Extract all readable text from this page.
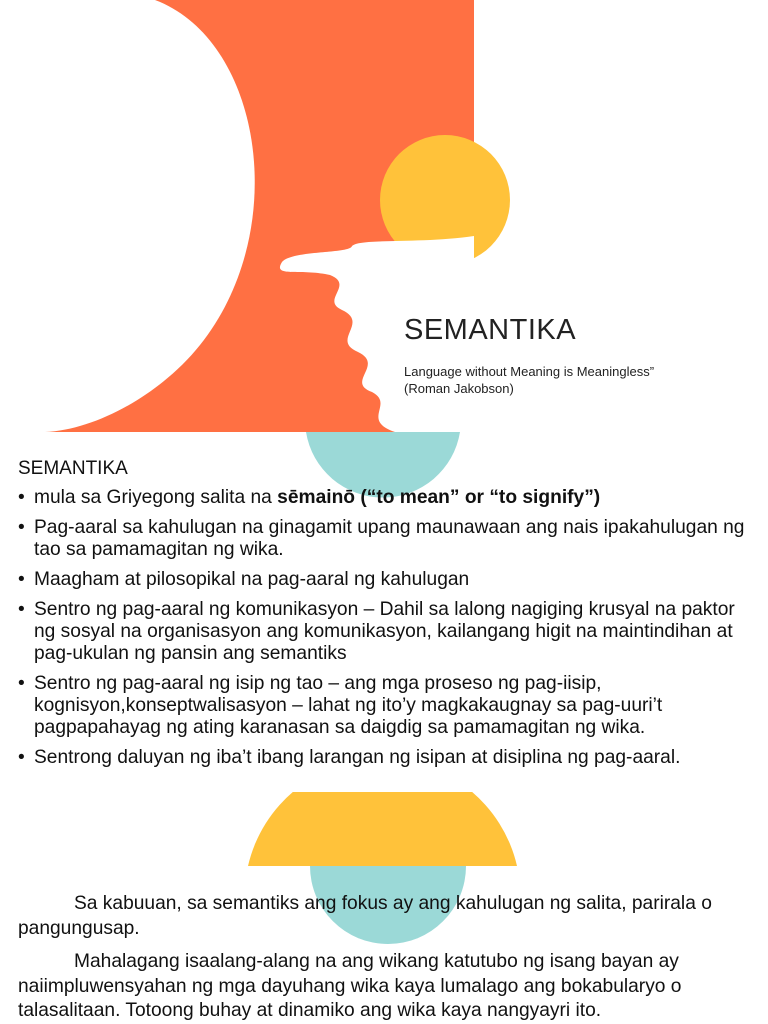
SEMANTIKA
Language without Meaning is Meaningless”
(Roman Jakobson)
SEMANTIKA
• mula sa Griyegong salita na sēmainō (“to mean” or “to signify”)
• Pag-aaral sa kahulugan na ginagamit upang maunawaan ang nais ipakahulugan ng tao sa pamamagitan ng wika.
• Maagham at pilosopikal na pag-aaral ng kahulugan
• Sentro ng pag-aaral ng komunikasyon – Dahil sa lalong nagiging krusyal na paktor ng sosyal na organisasyon ang komunikasyon, kailangang higit na maintindihan at pag-ukulan ng pansin ang semantiks
• Sentro ng pag-aaral ng isip ng tao – ang mga proseso ng pag-iisip, kognisyon,konseptwalisasyon – lahat ng ito’y magkakaugnay sa pag-uuri’t pagpapahayag ng ating karanasan sa daigdig sa pamamagitan ng wika.
• Sentrong daluyan ng iba’t ibang larangan ng isipan at disiplina ng pag-aaral.

Sa kabuuan, sa semantiks ang fokus ay ang kahulugan ng salita, parirala o pangungusap.

Mahalagang isaalang-alang na ang wikang katutubo ng isang bayan ay naiimpluwensyahan ng mga dayuhang wika kaya lumalago ang bokabularyo o talasalitaan. Totoong buhay at dinamiko ang wika kaya nangyayri ito.
